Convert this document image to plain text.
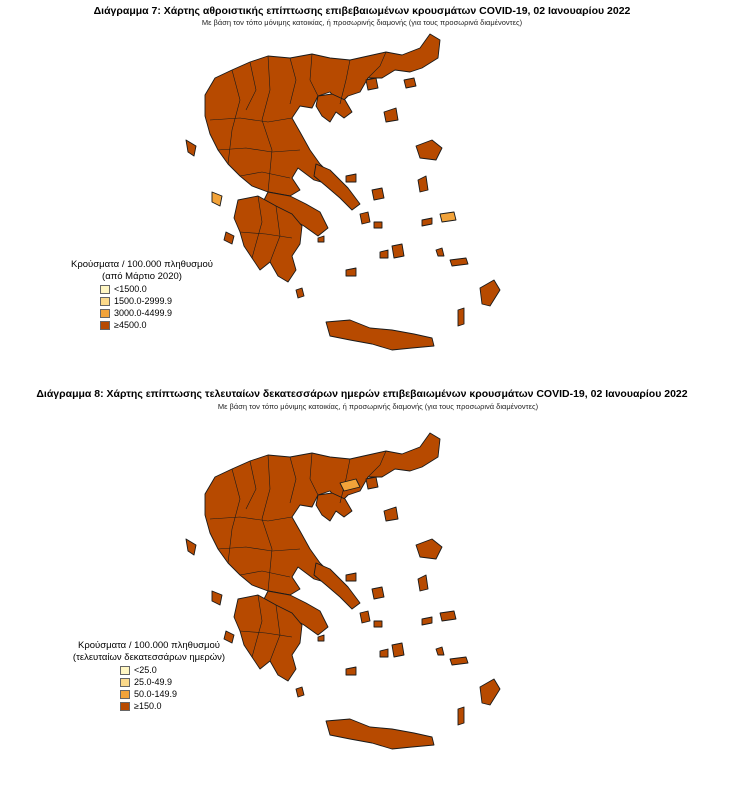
Διάγραμμα 7: Χάρτης αθροιστικής επίπτωσης επιβεβαιωμένων κρουσμάτων COVID-19, 02 Ιανουαρίου 2022
Με βάση τον τόπο μόνιμης κατοικίας, ή προσωρινής διαμονής (για τους προσωρινά διαμένοντες)
Κρούσματα / 100.000 πληθυσμού
(από Μάρτιο 2020)
<1500.0
1500.0-2999.9
3000.0-4499.9
≥4500.0
Διάγραμμα 8: Χάρτης επίπτωσης τελευταίων δεκατεσσάρων ημερών επιβεβαιωμένων κρουσμάτων COVID-19, 02 Ιανουαρίου 2022
Με βάση τον τόπο μόνιμης κατοικίας, ή προσωρινής διαμονής (για τους προσωρινά διαμένοντες)
Κρούσματα / 100.000 πληθυσμού
(τελευταίων δεκατεσσάρων ημερών)
<25.0
25.0-49.9
50.0-149.9
≥150.0
